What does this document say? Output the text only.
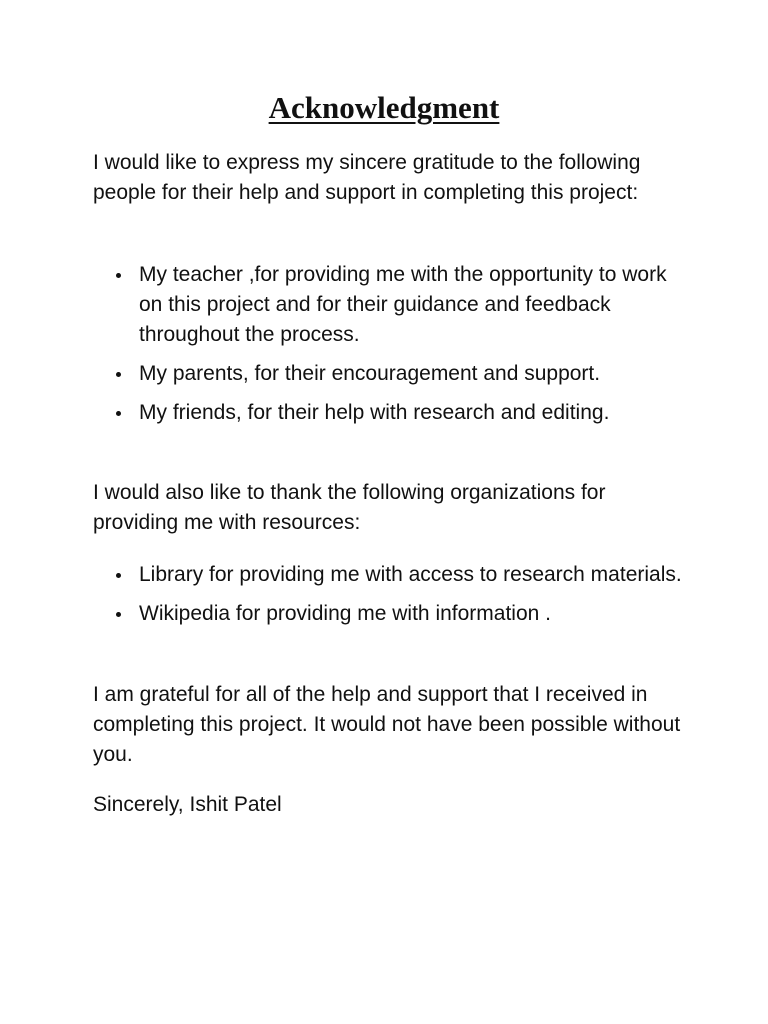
Acknowledgment

I would like to express my sincere gratitude to the following people for their help and support in completing this project:

My teacher ,for providing me with the opportunity to work on this project and for their guidance and feedback throughout the process.
My parents, for their encouragement and support.
My friends, for their help with research and editing.

I would also like to thank the following organizations for providing me with resources:

Library for providing me with access to research materials.
Wikipedia for providing me with information .

I am grateful for all of the help and support that I received in completing this project. It would not have been possible without you.

Sincerely, Ishit Patel
